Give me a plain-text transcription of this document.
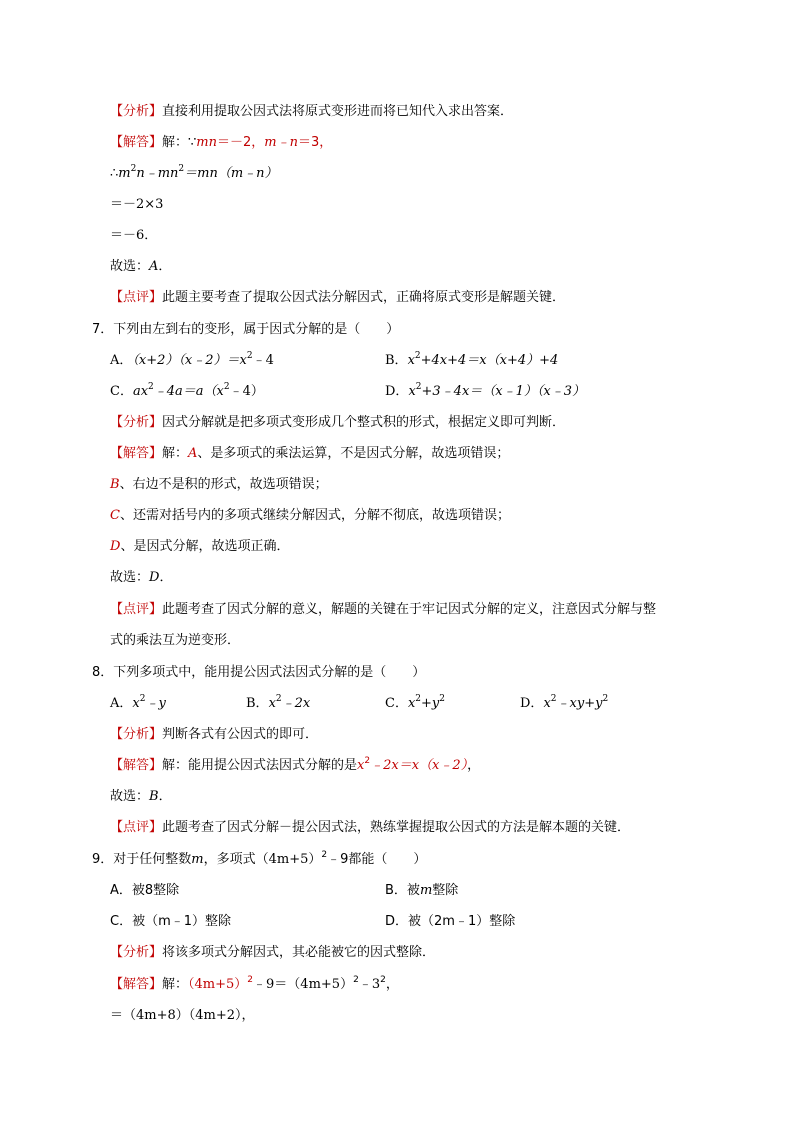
【分析】直接利用提取公因式法将原式变形进而将已知代入求出答案．
【解答】解：∵mn＝－2，m﹣n＝3，
$\therefore m^2n﹣mn^2=mn(m﹣n)$
＝－2×3
＝－6．
故选：A．
【点评】此题主要考查了提取公因式法分解因式，正确将原式变形是解题关键．
7．下列由左到右的变形，属于因式分解的是（　　）
A．$(x+2)(x﹣2)=x^2﹣4$	B．$x^2+4x+4=x(x+4)+4$
C．$ax^2﹣4a=a(x^2﹣4)$	D．$x^2+3﹣4x=(x﹣1)(x﹣3)$
【分析】因式分解就是把多项式变形成几个整式积的形式，根据定义即可判断．
【解答】解：A、是多项式的乘法运算，不是因式分解，故选项错误；
B、右边不是积的形式，故选项错误；
C、还需对括号内的多项式继续分解因式，分解不彻底，故选项错误；
D、是因式分解，故选项正确．
故选：D．
【点评】此题考查了因式分解的意义，解题的关键在于牢记因式分解的定义，注意因式分解与整
式的乘法互为逆变形．
8．下列多项式中，能用提公因式法因式分解的是（　　）
A．$x^2﹣y$	B．$x^2﹣2x$	C．$x^2+y^2$	D．$x^2﹣xy+y^2$
【分析】判断各式有公因式的即可．
【解答】解：能用提公因式法因式分解的是$x^2﹣2x=x(x﹣2)$，
故选：B．
【点评】此题考查了因式分解－提公因式法，熟练掌握提取公因式的方法是解本题的关键．
9．对于任何整数m，多项式$(4m+5)^2﹣9$都能（　　）
A．被8整除	B．被m整除
C．被（m﹣1）整除	D．被（2m﹣1）整除
【分析】将该多项式分解因式，其必能被它的因式整除．
【解答】解：$(4m+5)^2﹣9=(4m+5)^2﹣3^2$，
＝（4m+8）（4m+2），
